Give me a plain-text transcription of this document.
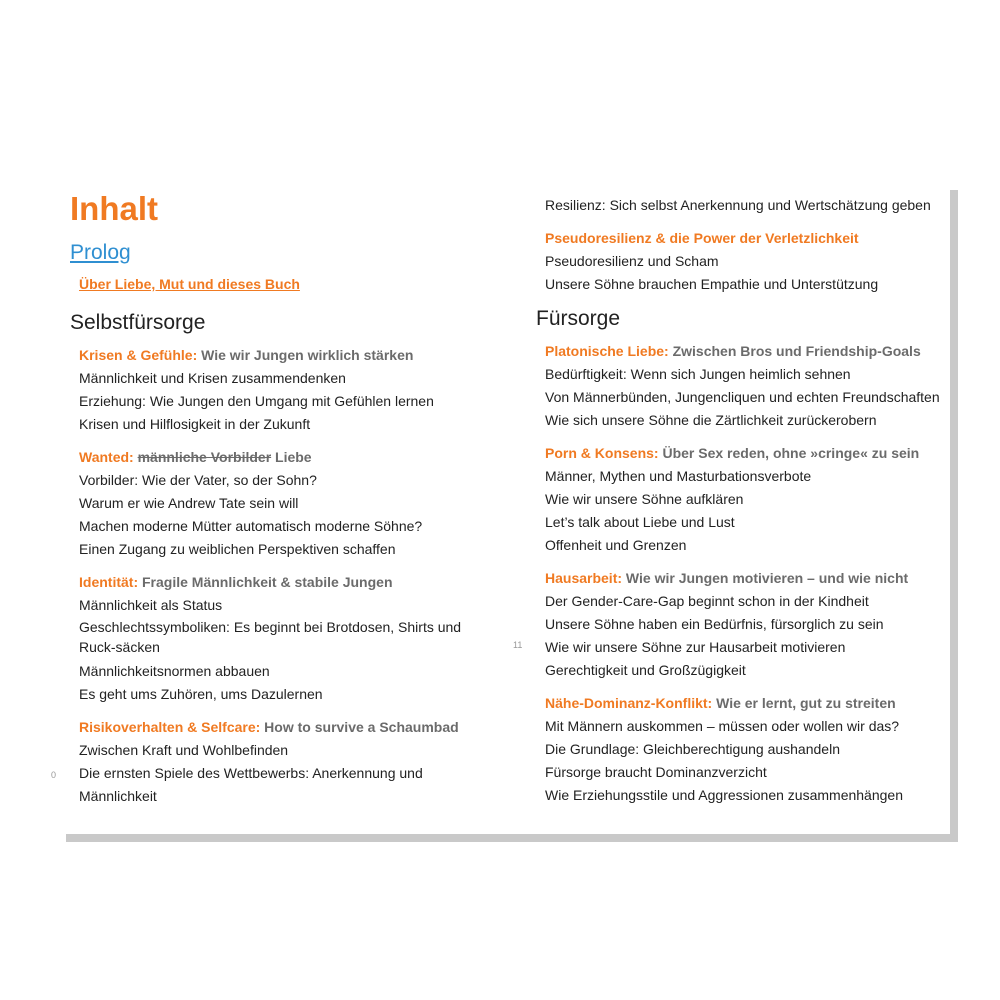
Inhalt
Prolog
Über Liebe, Mut und dieses Buch
Selbstfürsorge
Krisen & Gefühle: Wie wir Jungen wirklich stärken
Männlichkeit und Krisen zusammendenken
Erziehung: Wie Jungen den Umgang mit Gefühlen lernen
Krisen und Hilflosigkeit in der Zukunft
Wanted: männliche Vorbilder Liebe
Vorbilder: Wie der Vater, so der Sohn?
Warum er wie Andrew Tate sein will
Machen moderne Mütter automatisch moderne Söhne?
Einen Zugang zu weiblichen Perspektiven schaffen
Identität: Fragile Männlichkeit & stabile Jungen
Männlichkeit als Status
Geschlechtssymboliken: Es beginnt bei Brotdosen, Shirts und Ruck-säcken
Männlichkeitsnormen abbauen
Es geht ums Zuhören, ums Dazulernen
Risikoverhalten & Selfcare: How to survive a Schaumbad
Zwischen Kraft und Wohlbefinden
Die ernsten Spiele des Wettbewerbs: Anerkennung und Männlichkeit
0
11
Resilienz: Sich selbst Anerkennung und Wertschätzung geben
Pseudoresilienz & die Power der Verletzlichkeit
Pseudoresilienz und Scham
Unsere Söhne brauchen Empathie und Unterstützung
Fürsorge
Platonische Liebe: Zwischen Bros und Friendship-Goals
Bedürftigkeit: Wenn sich Jungen heimlich sehnen
Von Männerbünden, Jungencliquen und echten Freundschaften
Wie sich unsere Söhne die Zärtlichkeit zurückerobern
Porn & Konsens: Über Sex reden, ohne »cringe« zu sein
Männer, Mythen und Masturbationsverbote
Wie wir unsere Söhne aufklären
Let’s talk about Liebe und Lust
Offenheit und Grenzen
Hausarbeit: Wie wir Jungen motivieren – und wie nicht
Der Gender-Care-Gap beginnt schon in der Kindheit
Unsere Söhne haben ein Bedürfnis, fürsorglich zu sein
Wie wir unsere Söhne zur Hausarbeit motivieren
Gerechtigkeit und Großzügigkeit
Nähe-Dominanz-Konflikt: Wie er lernt, gut zu streiten
Mit Männern auskommen – müssen oder wollen wir das?
Die Grundlage: Gleichberechtigung aushandeln
Fürsorge braucht Dominanzverzicht
Wie Erziehungsstile und Aggressionen zusammenhängen
